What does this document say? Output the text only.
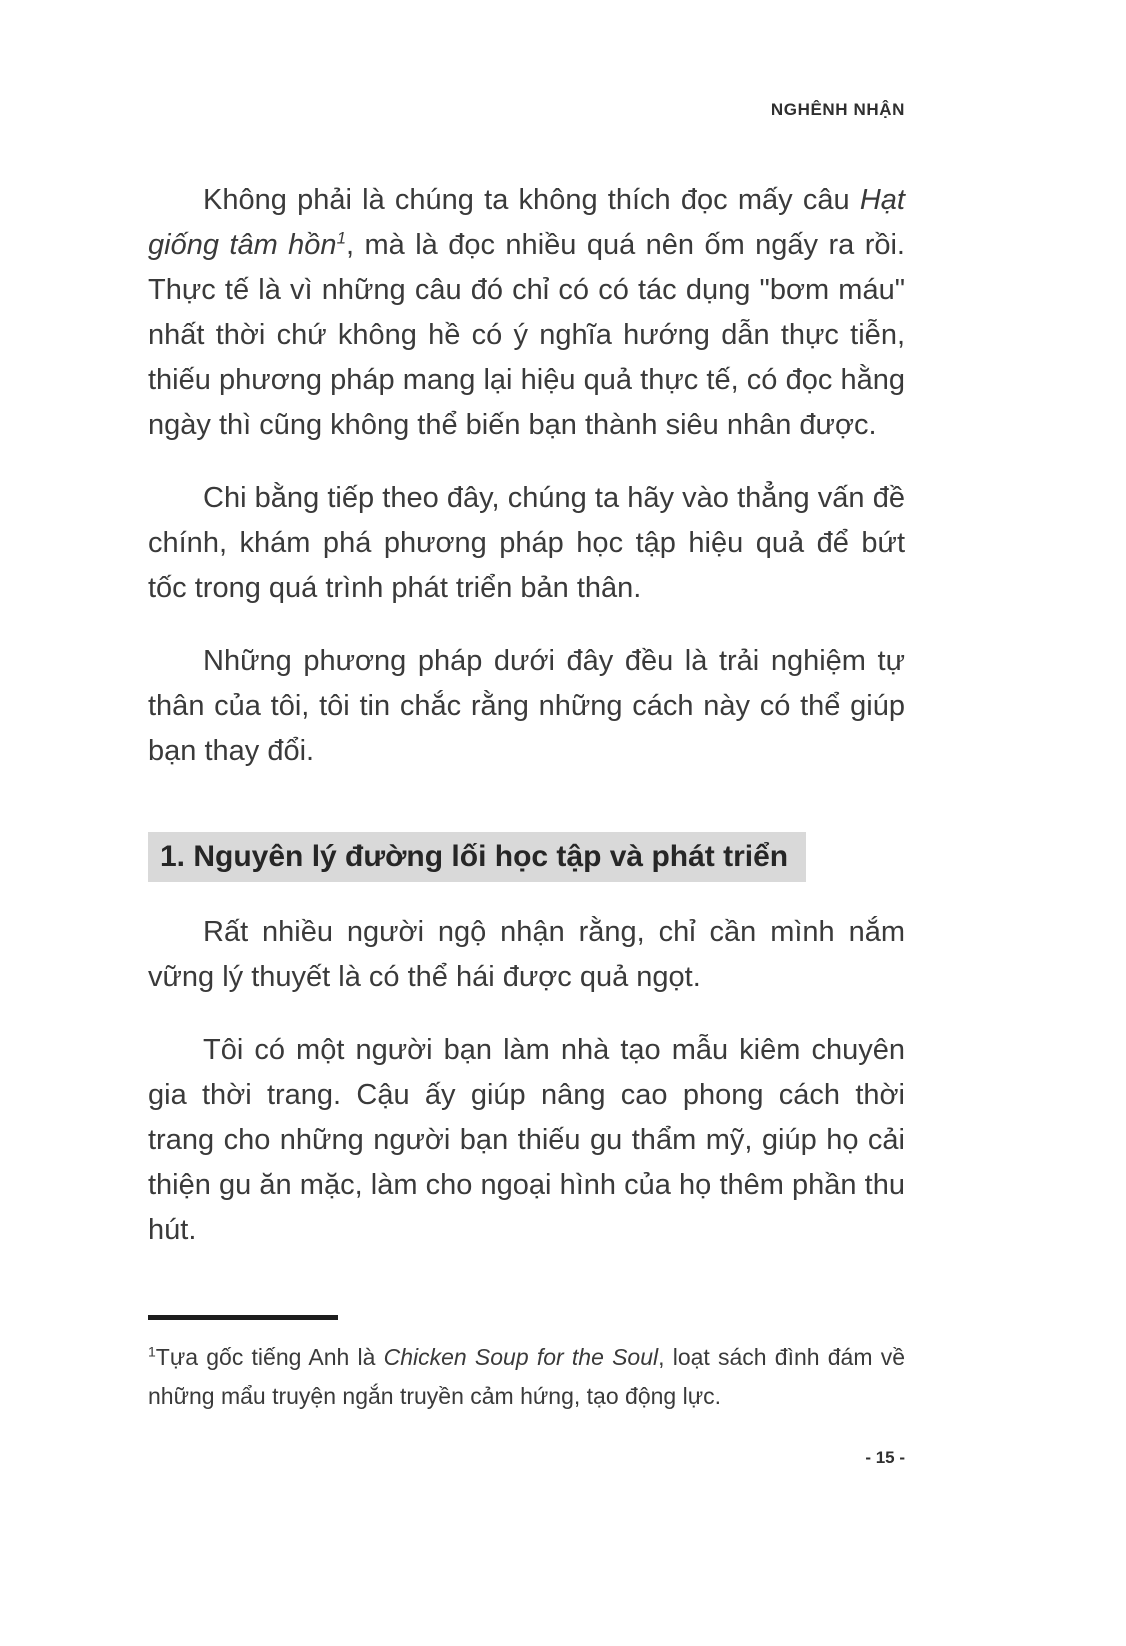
NGHÊNH NHẬN

Không phải là chúng ta không thích đọc mấy câu Hạt giống tâm hồn$^1$, mà là đọc nhiều quá nên ốm ngấy ra rồi. Thực tế là vì những câu đó chỉ có có tác dụng "bơm máu" nhất thời chứ không hề có ý nghĩa hướng dẫn thực tiễn, thiếu phương pháp mang lại hiệu quả thực tế, có đọc hằng ngày thì cũng không thể biến bạn thành siêu nhân được.

Chi bằng tiếp theo đây, chúng ta hãy vào thẳng vấn đề chính, khám phá phương pháp học tập hiệu quả để bứt tốc trong quá trình phát triển bản thân.

Những phương pháp dưới đây đều là trải nghiệm tự thân của tôi, tôi tin chắc rằng những cách này có thể giúp bạn thay đổi.

1. Nguyên lý đường lối học tập và phát triển

Rất nhiều người ngộ nhận rằng, chỉ cần mình nắm vững lý thuyết là có thể hái được quả ngọt.

Tôi có một người bạn làm nhà tạo mẫu kiêm chuyên gia thời trang. Cậu ấy giúp nâng cao phong cách thời trang cho những người bạn thiếu gu thẩm mỹ, giúp họ cải thiện gu ăn mặc, làm cho ngoại hình của họ thêm phần thu hút.

$^1$Tựa gốc tiếng Anh là Chicken Soup for the Soul, loạt sách đình đám về những mẩu truyện ngắn truyền cảm hứng, tạo động lực.

- 15 -
